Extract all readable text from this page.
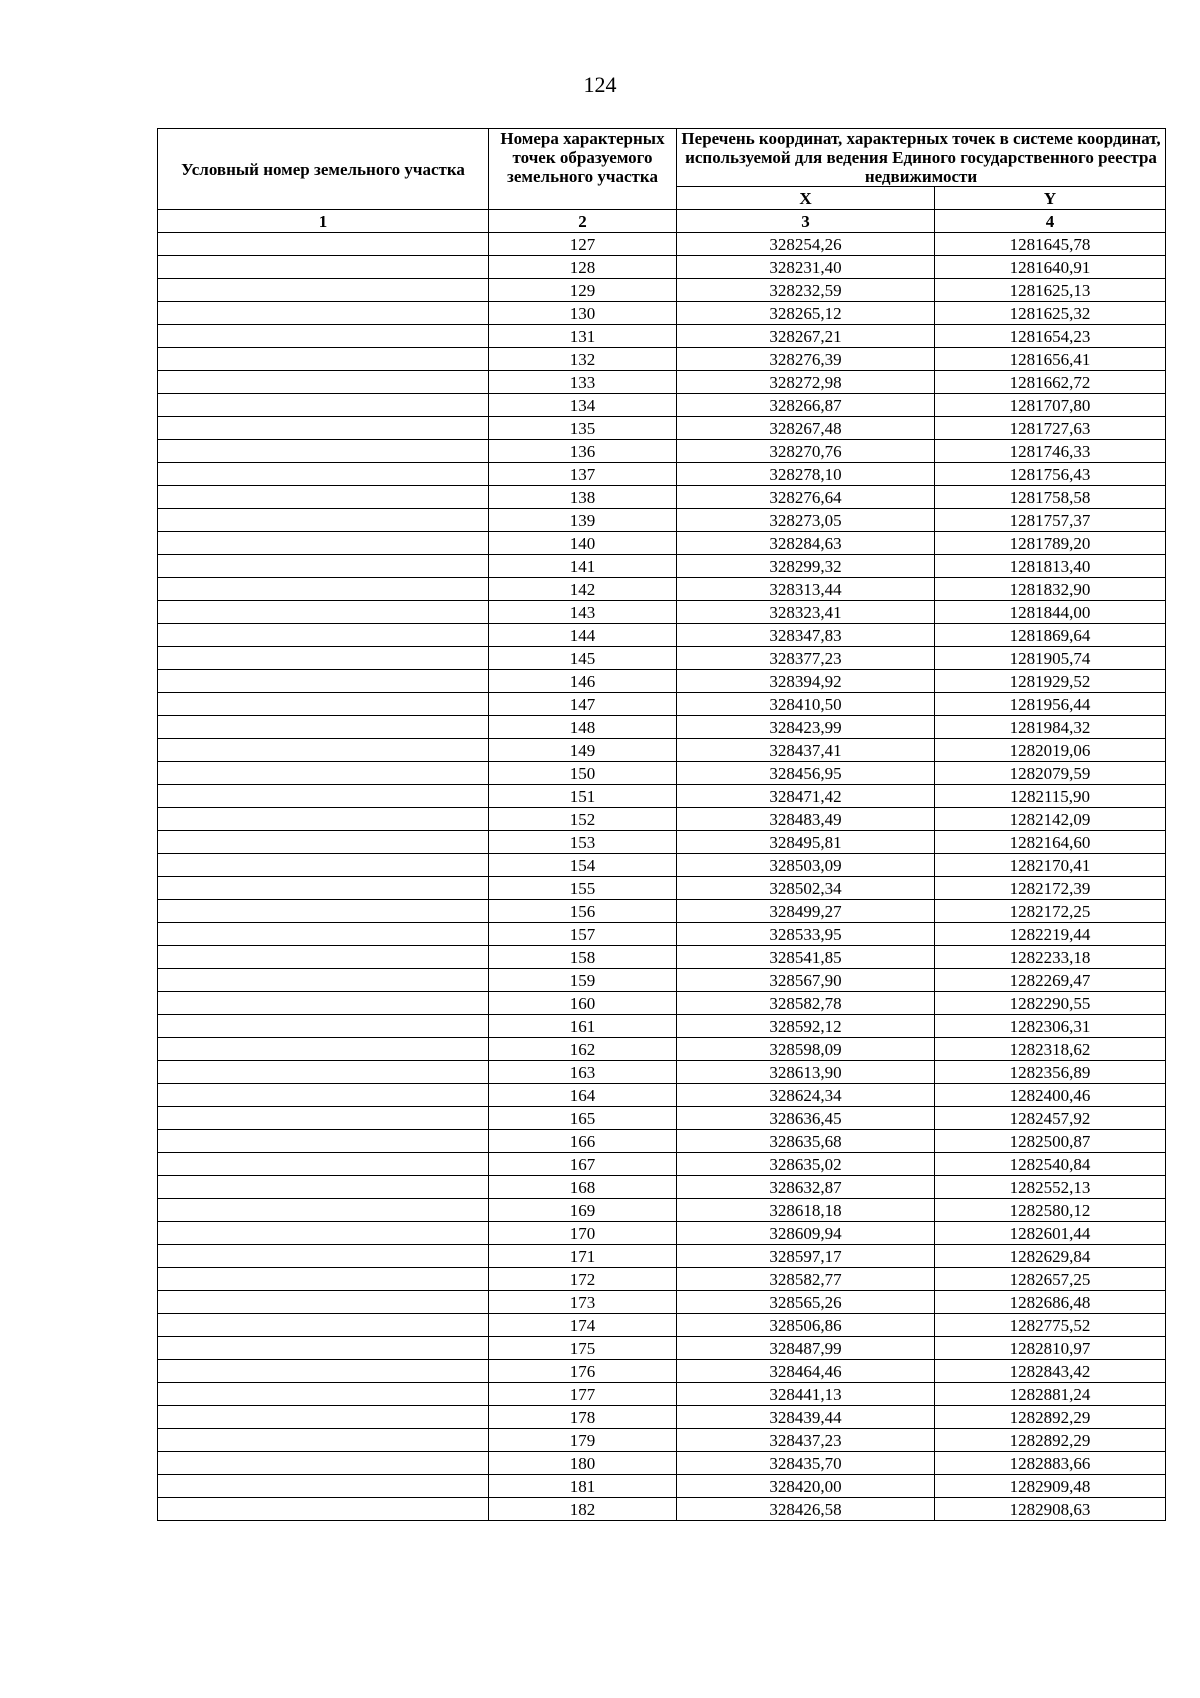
124
Условный номер земельного участка	Номера характерных точек образуемого земельного участка	Перечень координат, характерных точек в системе координат, используемой для ведения Единого государственного реестра недвижимости	
		X	Y
1	2	3	4
	127	328254,26	1281645,78
	128	328231,40	1281640,91
	129	328232,59	1281625,13
	130	328265,12	1281625,32
	131	328267,21	1281654,23
	132	328276,39	1281656,41
	133	328272,98	1281662,72
	134	328266,87	1281707,80
	135	328267,48	1281727,63
	136	328270,76	1281746,33
	137	328278,10	1281756,43
	138	328276,64	1281758,58
	139	328273,05	1281757,37
	140	328284,63	1281789,20
	141	328299,32	1281813,40
	142	328313,44	1281832,90
	143	328323,41	1281844,00
	144	328347,83	1281869,64
	145	328377,23	1281905,74
	146	328394,92	1281929,52
	147	328410,50	1281956,44
	148	328423,99	1281984,32
	149	328437,41	1282019,06
	150	328456,95	1282079,59
	151	328471,42	1282115,90
	152	328483,49	1282142,09
	153	328495,81	1282164,60
	154	328503,09	1282170,41
	155	328502,34	1282172,39
	156	328499,27	1282172,25
	157	328533,95	1282219,44
	158	328541,85	1282233,18
	159	328567,90	1282269,47
	160	328582,78	1282290,55
	161	328592,12	1282306,31
	162	328598,09	1282318,62
	163	328613,90	1282356,89
	164	328624,34	1282400,46
	165	328636,45	1282457,92
	166	328635,68	1282500,87
	167	328635,02	1282540,84
	168	328632,87	1282552,13
	169	328618,18	1282580,12
	170	328609,94	1282601,44
	171	328597,17	1282629,84
	172	328582,77	1282657,25
	173	328565,26	1282686,48
	174	328506,86	1282775,52
	175	328487,99	1282810,97
	176	328464,46	1282843,42
	177	328441,13	1282881,24
	178	328439,44	1282892,29
	179	328437,23	1282892,29
	180	328435,70	1282883,66
	181	328420,00	1282909,48
	182	328426,58	1282908,63
